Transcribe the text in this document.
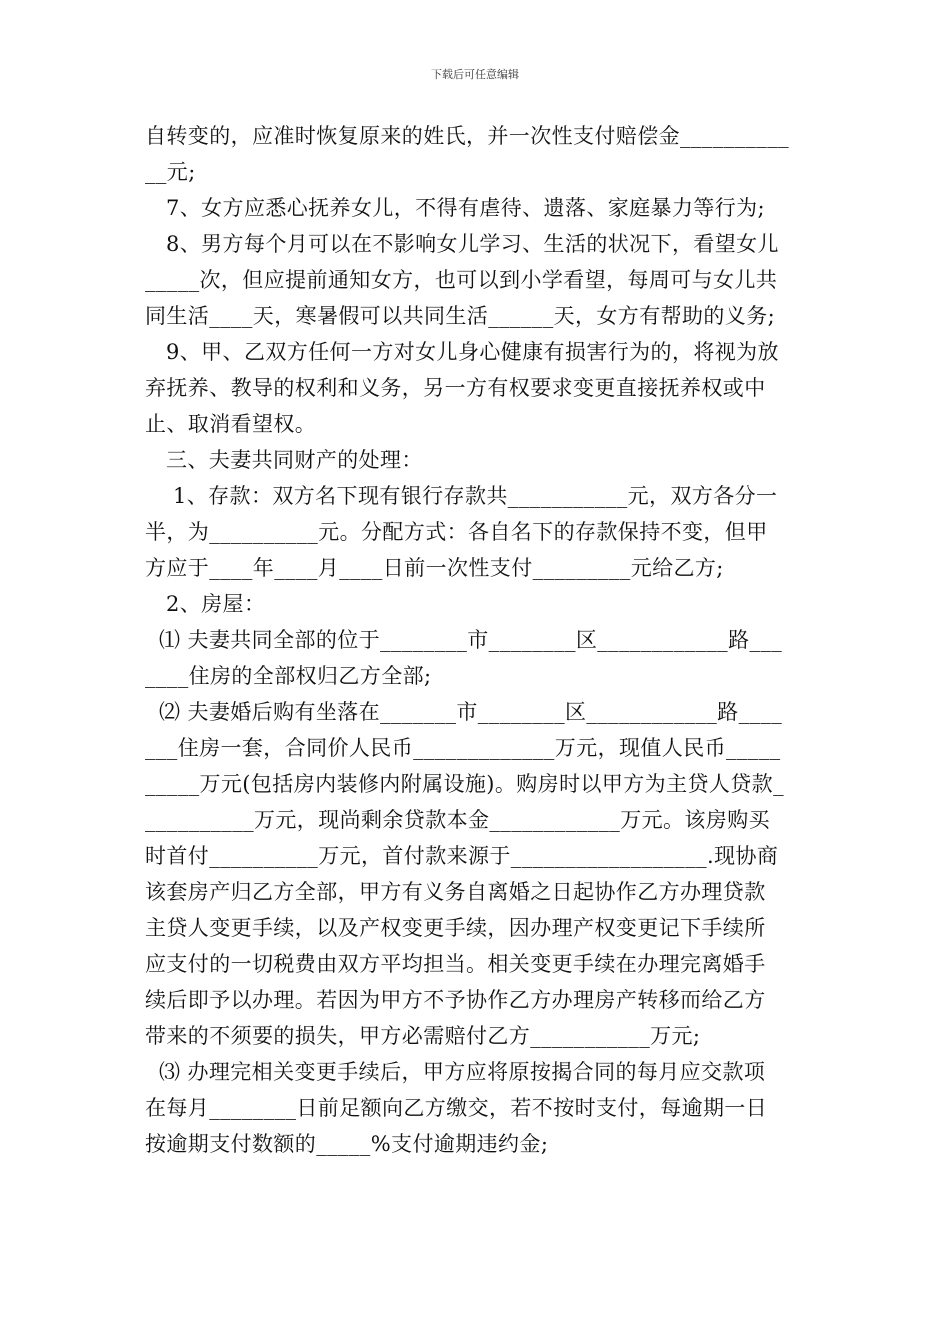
下载后可任意编辑
自转变的，应准时恢复原来的姓氏，并一次性支付赔偿金__________
__元;
7、女方应悉心抚养女儿，不得有虐待、遗落、家庭暴力等行为;
8、男方每个月可以在不影响女儿学习、生活的状况下，看望女儿
_____次，但应提前通知女方，也可以到小学看望，每周可与女儿共
同生活____天，寒暑假可以共同生活______天，女方有帮助的义务;
9、甲、乙双方任何一方对女儿身心健康有损害行为的，将视为放
弃抚养、教导的权利和义务，另一方有权要求变更直接抚养权或中
止、取消看望权。
三、夫妻共同财产的处理：
1、存款：双方名下现有银行存款共___________元，双方各分一
半，为__________元。分配方式：各自名下的存款保持不变，但甲
方应于____年____月____日前一次性支付_________元给乙方;
2、房屋：
⑴ 夫妻共同全部的位于________市________区____________路___
____住房的全部权归乙方全部;
⑵ 夫妻婚后购有坐落在_______市________区____________路____
___住房一套，合同价人民币_____________万元，现值人民币_____
_____万元(包括房内装修内附属设施)。购房时以甲方为主贷人贷款_
__________万元，现尚剩余贷款本金____________万元。该房购买
时首付__________万元，首付款来源于__________________.现协商
该套房产归乙方全部，甲方有义务自离婚之日起协作乙方办理贷款
主贷人变更手续，以及产权变更手续，因办理产权变更记下手续所
应支付的一切税费由双方平均担当。相关变更手续在办理完离婚手
续后即予以办理。若因为甲方不予协作乙方办理房产转移而给乙方
带来的不须要的损失，甲方必需赔付乙方___________万元;
⑶ 办理完相关变更手续后，甲方应将原按揭合同的每月应交款项
在每月________日前足额向乙方缴交，若不按时支付，每逾期一日
按逾期支付数额的_____%支付逾期违约金;
